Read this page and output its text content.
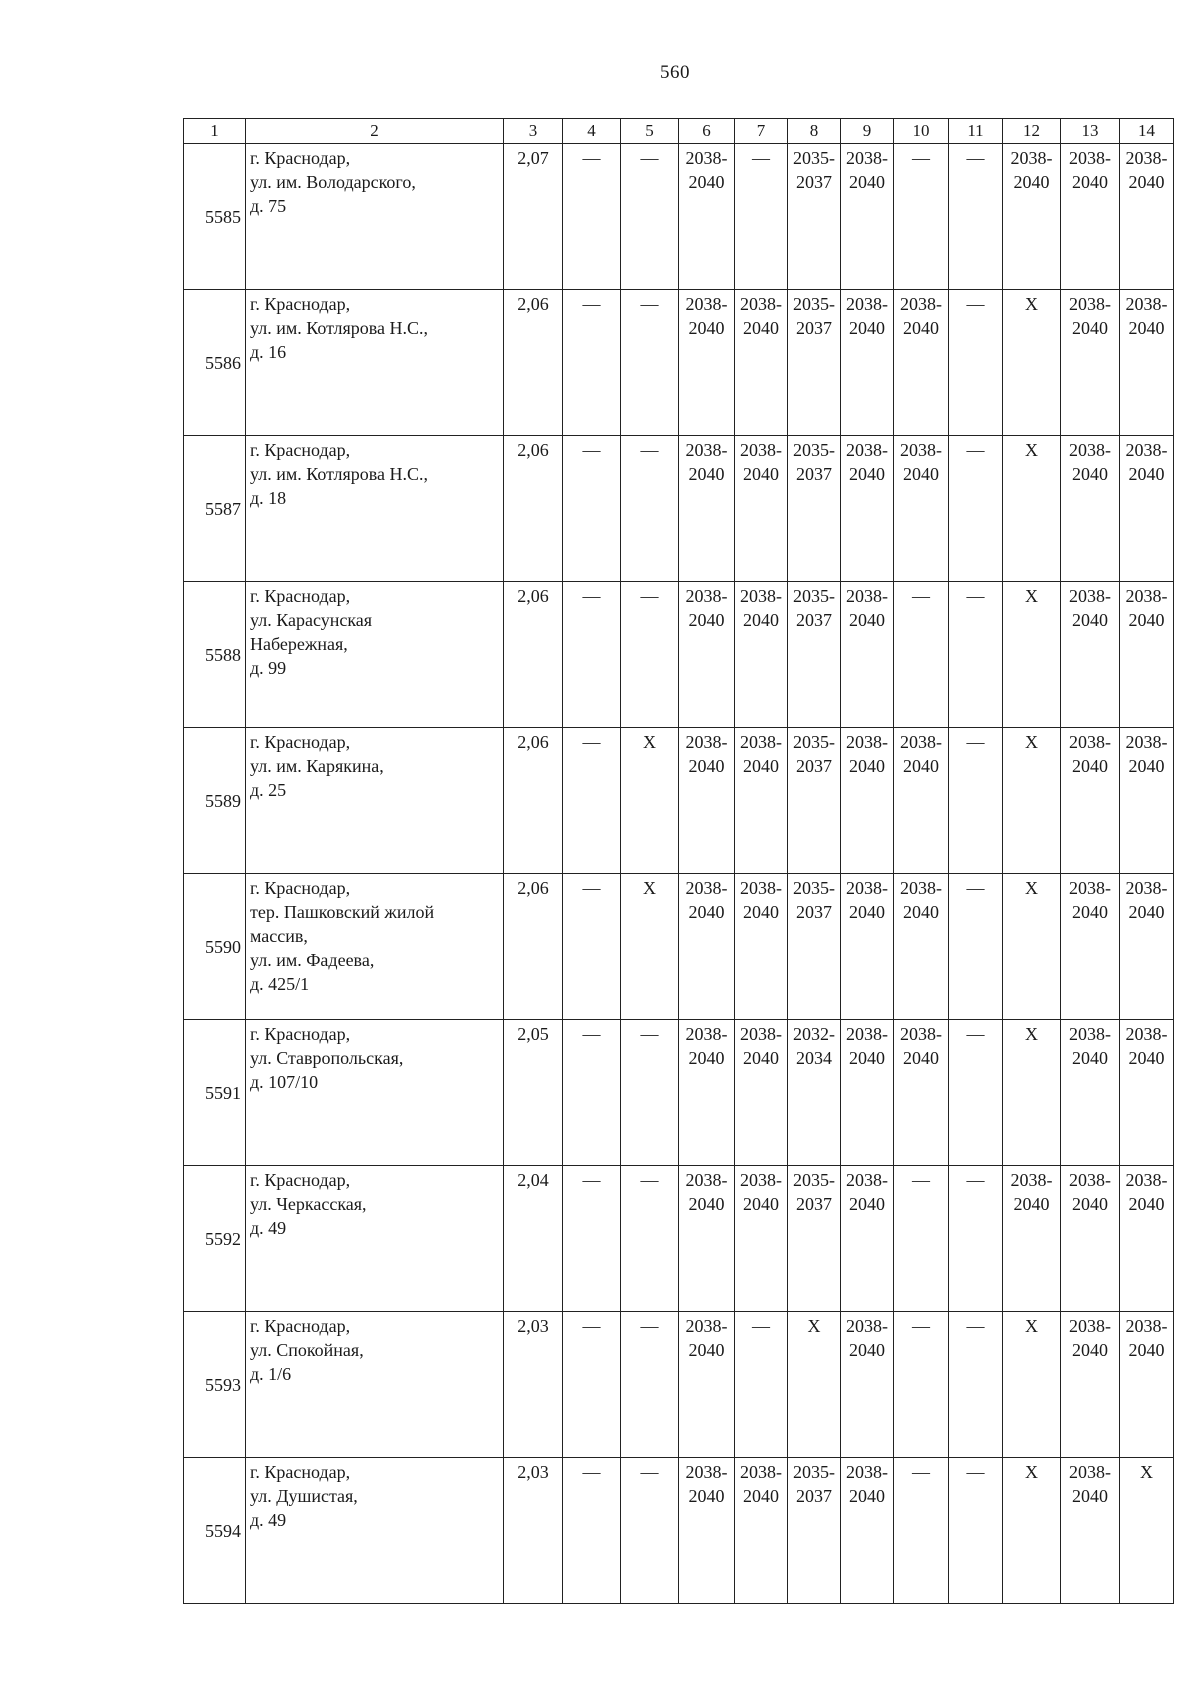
560
1	2	3	4	5	6	7	8	9	10	11	12	13	14
5585	г. Краснодар,
ул. им. Володарского,
д. 75	2,07	—	—	2038-
2040	—	2035-
2037	2038-
2040	—	—	2038-
2040	2038-
2040	2038-
2040
5586	г. Краснодар,
ул. им. Котлярова Н.С.,
д. 16	2,06	—	—	2038-
2040	2038-
2040	2035-
2037	2038-
2040	2038-
2040	—	X	2038-
2040	2038-
2040
5587	г. Краснодар,
ул. им. Котлярова Н.С.,
д. 18	2,06	—	—	2038-
2040	2038-
2040	2035-
2037	2038-
2040	2038-
2040	—	X	2038-
2040	2038-
2040
5588	г. Краснодар,
ул. Карасунская
Набережная,
д. 99	2,06	—	—	2038-
2040	2038-
2040	2035-
2037	2038-
2040	—	—	X	2038-
2040	2038-
2040
5589	г. Краснодар,
ул. им. Карякина,
д. 25	2,06	—	X	2038-
2040	2038-
2040	2035-
2037	2038-
2040	2038-
2040	—	X	2038-
2040	2038-
2040
5590	г. Краснодар,
тер. Пашковский жилой
массив,
ул. им. Фадеева,
д. 425/1	2,06	—	X	2038-
2040	2038-
2040	2035-
2037	2038-
2040	2038-
2040	—	X	2038-
2040	2038-
2040
5591	г. Краснодар,
ул. Ставропольская,
д. 107/10	2,05	—	—	2038-
2040	2038-
2040	2032-
2034	2038-
2040	2038-
2040	—	X	2038-
2040	2038-
2040
5592	г. Краснодар,
ул. Черкасская,
д. 49	2,04	—	—	2038-
2040	2038-
2040	2035-
2037	2038-
2040	—	—	2038-
2040	2038-
2040	2038-
2040
5593	г. Краснодар,
ул. Спокойная,
д. 1/6	2,03	—	—	2038-
2040	—	X	2038-
2040	—	—	X	2038-
2040	2038-
2040
5594	г. Краснодар,
ул. Душистая,
д. 49	2,03	—	—	2038-
2040	2038-
2040	2035-
2037	2038-
2040	—	—	X	2038-
2040	X
